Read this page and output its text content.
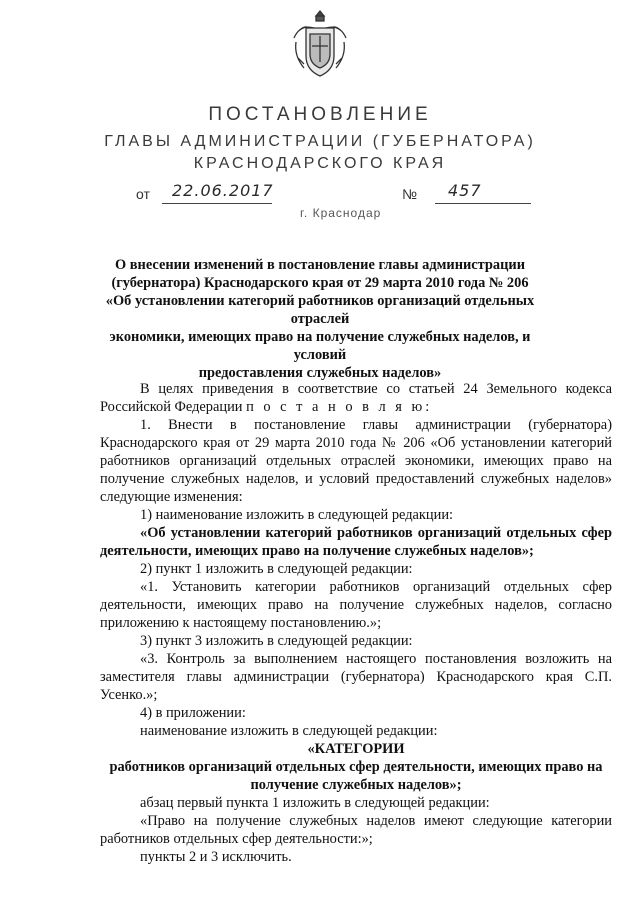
ПОСТАНОВЛЕНИЕ
ГЛАВЫ АДМИНИСТРАЦИИ (ГУБЕРНАТОРА)
КРАСНОДАРСКОГО КРАЯ
от 22.06.2017	№ 457
г. Краснодар
О внесении изменений в постановление главы администрации
(губернатора) Краснодарского края от 29 марта 2010 года № 206
«Об установлении категорий работников организаций отдельных отраслей
экономики, имеющих право на получение служебных наделов, и условий
предоставления служебных наделов»

В целях приведения в соответствие со статьей 24 Земельного кодекса Российской Федерации п о с т а н о в л я ю:

1. Внести в постановление главы администрации (губернатора) Краснодарского края от 29 марта 2010 года № 206 «Об установлении категорий работников организаций отдельных отраслей экономики, имеющих право на получение служебных наделов, и условий предоставлений служебных наделов» следующие изменения:

1) наименование изложить в следующей редакции:

«Об установлении категорий работников организаций отдельных сфер деятельности, имеющих право на получение служебных наделов»;

2) пункт 1 изложить в следующей редакции:

«1. Установить категории работников организаций отдельных сфер деятельности, имеющих право на получение служебных наделов, согласно приложению к настоящему постановлению.»;

3) пункт 3 изложить в следующей редакции:

«3. Контроль за выполнением настоящего постановления возложить на заместителя главы администрации (губернатора) Краснодарского края С.П. Усенко.»;

4) в приложении:

наименование изложить в следующей редакции:

«КАТЕГОРИИ

работников организаций отдельных сфер деятельности, имеющих право на получение служебных наделов»;

абзац первый пункта 1 изложить в следующей редакции:

«Право на получение служебных наделов имеют следующие категории работников отдельных сфер деятельности:»;

пункты 2 и 3 исключить.
